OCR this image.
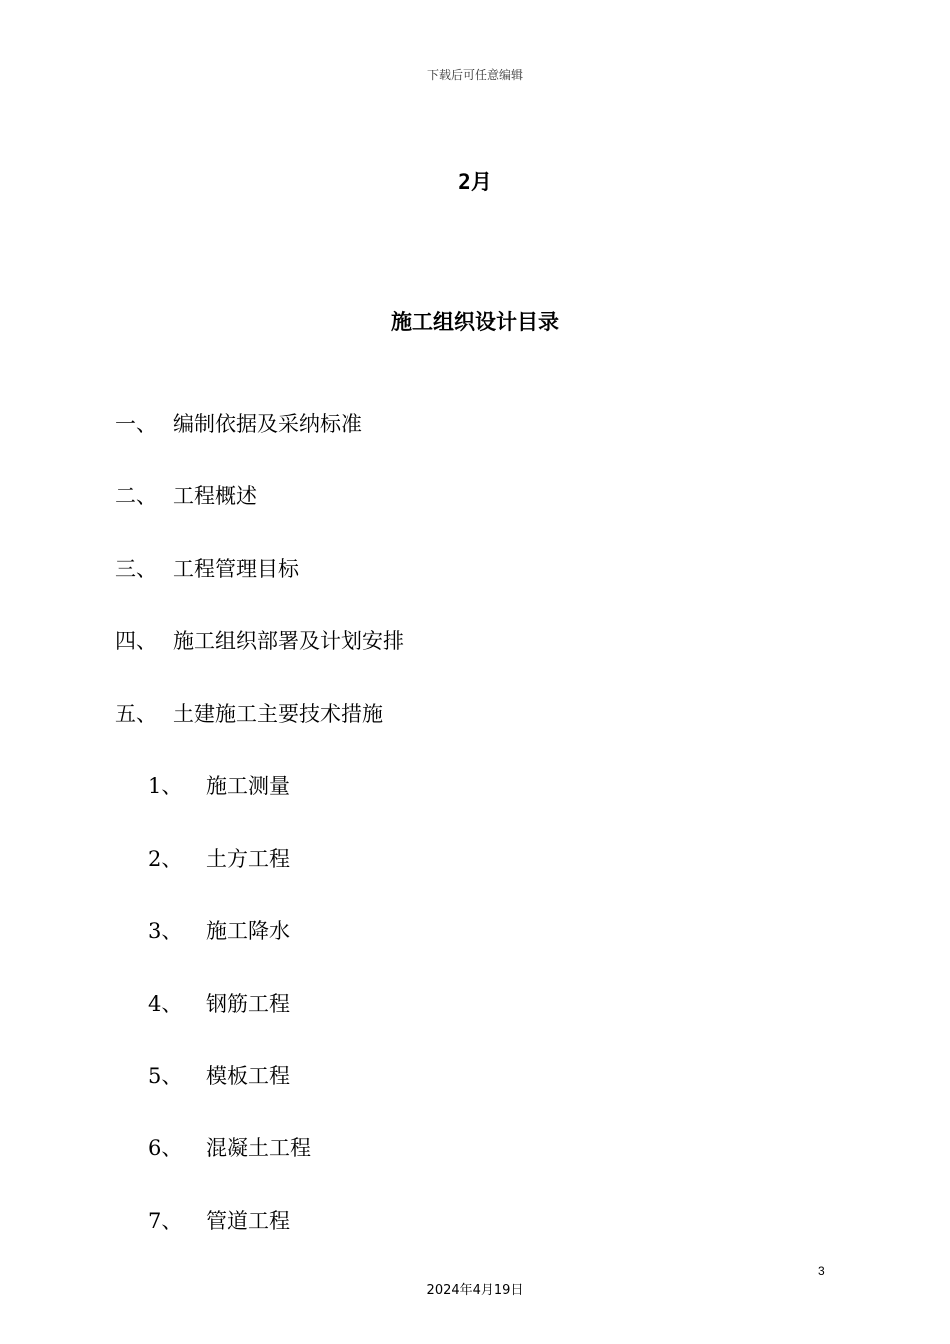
下载后可任意编辑
2月
施工组织设计目录
一、 编制依据及采纳标准
二、 工程概述
三、 工程管理目标
四、 施工组织部署及计划安排
五、 土建施工主要技术措施
1、 施工测量
2、 土方工程
3、 施工降水
4、 钢筋工程
5、 模板工程
6、 混凝土工程
7、 管道工程
3
2024年4月19日
